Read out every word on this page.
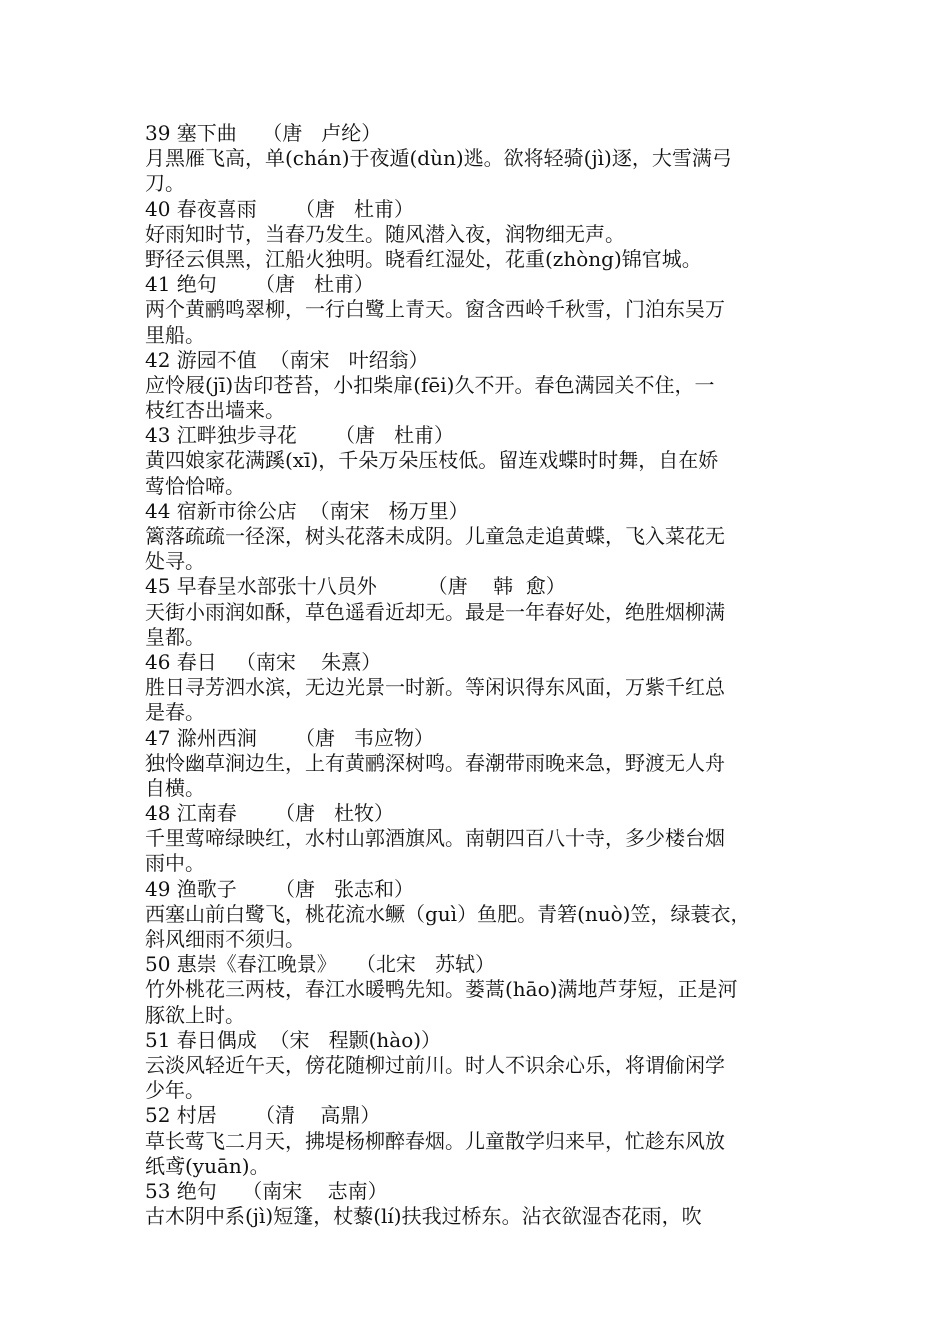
39 塞下曲    （唐   卢纶）
月黑雁飞高，单(chán)于夜遁(dùn)逃。欲将轻骑(jì)逐，大雪满弓
刀。
40 春夜喜雨      （唐   杜甫）
好雨知时节，当春乃发生。随风潜入夜，润物细无声。
野径云俱黑，江船火独明。晓看红湿处，花重(zhòng)锦官城。
41 绝句      （唐   杜甫）
两个黄鹂鸣翠柳，一行白鹭上青天。窗含西岭千秋雪，门泊东吴万
里船。
42 游园不值  （南宋   叶绍翁）
应怜屐(jī)齿印苍苔，小扣柴扉(fēi)久不开。春色满园关不住，一
枝红杏出墙来。
43 江畔独步寻花      （唐   杜甫）
黄四娘家花满蹊(xī)，千朵万朵压枝低。留连戏蝶时时舞，自在娇
莺恰恰啼。
44 宿新市徐公店  （南宋   杨万里）
篱落疏疏一径深，树头花落未成阴。儿童急走追黄蝶，飞入菜花无
处寻。
45 早春呈水部张十八员外        （唐    韩  愈）
天街小雨润如酥，草色遥看近却无。最是一年春好处，绝胜烟柳满
皇都。
46 春日   （南宋    朱熹）
胜日寻芳泗水滨，无边光景一时新。等闲识得东风面，万紫千红总
是春。
47 滁州西涧      （唐   韦应物）
独怜幽草涧边生，上有黄鹂深树鸣。春潮带雨晚来急，野渡无人舟
自横。
48 江南春      （唐   杜牧）
千里莺啼绿映红，水村山郭酒旗风。南朝四百八十寺，多少楼台烟
雨中。
49 渔歌子      （唐   张志和）
西塞山前白鹭飞，桃花流水鳜（guì）鱼肥。青箬(nuò)笠，绿蓑衣，
斜风细雨不须归。
50 惠崇《春江晚景》   （北宋   苏轼）
竹外桃花三两枝，春江水暖鸭先知。蒌蒿(hāo)满地芦芽短，正是河
豚欲上时。
51 春日偶成  （宋   程颢(hào)）
云淡风轻近午天，傍花随柳过前川。时人不识余心乐，将谓偷闲学
少年。
52 村居      （清    高鼎）
草长莺飞二月天，拂堤杨柳醉春烟。儿童散学归来早，忙趁东风放
纸鸢(yuān)。
53 绝句    （南宋    志南）
古木阴中系(jì)短篷，杖藜(lí)扶我过桥东。沾衣欲湿杏花雨，吹
